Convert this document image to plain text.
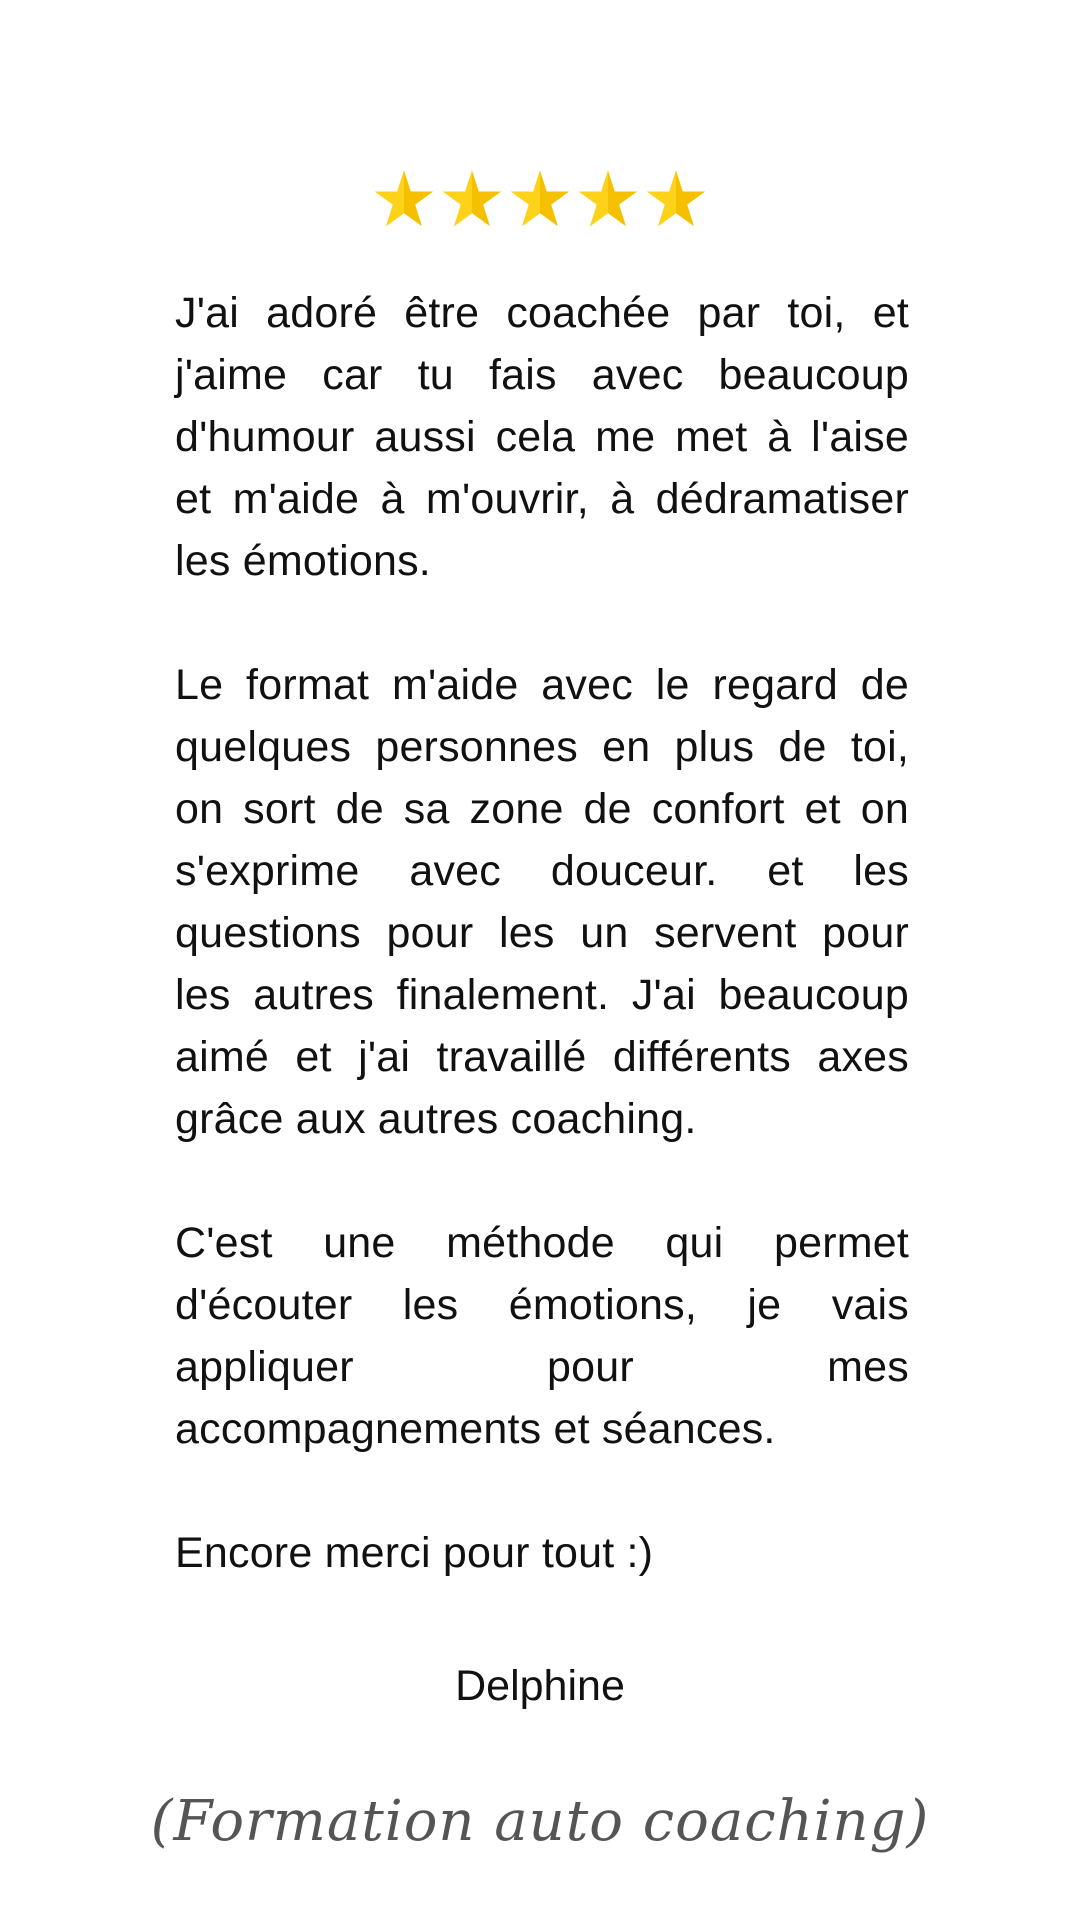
J'ai adoré être coachée par toi, et j'aime car tu fais avec beaucoup d'humour aussi cela me met à l'aise et m'aide à m'ouvrir, à dédramatiser les émotions.

Le format m'aide avec le regard de quelques personnes en plus de toi, on sort de sa zone de confort et on s'exprime avec douceur. et les questions pour les un servent pour les autres finalement. J'ai beaucoup aimé et j'ai travaillé différents axes grâce aux autres coaching.

C'est une méthode qui permet d'écouter les émotions, je vais appliquer pour mes accompagnements et séances.

Encore merci pour tout :)

Delphine
(Formation auto coaching)
